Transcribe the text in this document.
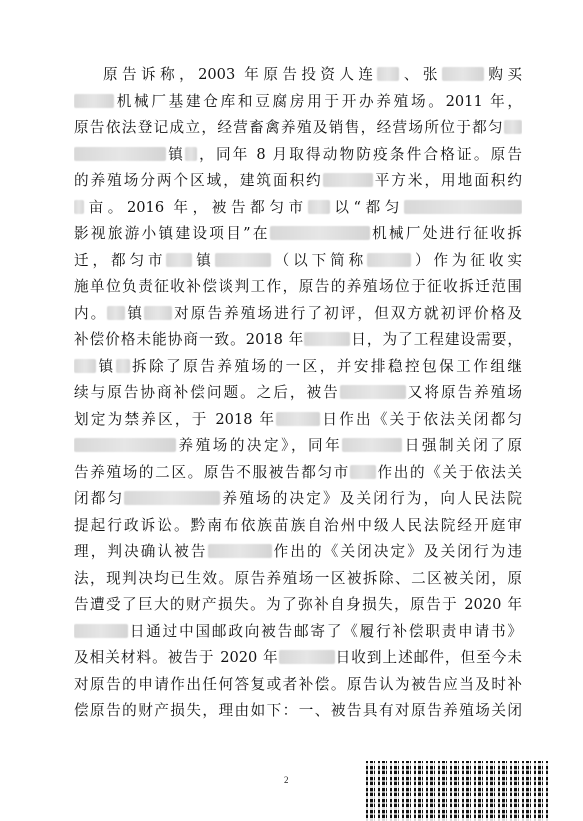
原告诉称，2003 年原告投资人连 、张	购买
机械厂基建仓库和豆腐房用于开办养殖场。2011 年，
原告依法登记成立，经营畜禽养殖及销售，经营场所位于都匀
镇 ，同年 8 月取得动物防疫条件合格证。原告
的养殖场分两个区域，建筑面积约	平方米，用地面积约
亩。2016 年，被告都匀市 以“都匀
影视旅游小镇建设项目”在	机械厂处进行征收拆
迁，都匀市 镇	（以下简称	）作为征收实
施单位负责征收补偿谈判工作，原告的养殖场位于征收拆迁范围
内。 镇 对原告养殖场进行了初评，但双方就初评价格及
补偿价格未能协商一致。2018 年	日，为了工程建设需要，
镇 拆除了原告养殖场的一区，并安排稳控包保工作组继
续与原告协商补偿问题。之后，被告	又将原告养殖场
划定为禁养区，于 2018 年	日作出《关于依法关闭都匀
养殖场的决定》，同年	日强制关闭了原
告养殖场的二区。原告不服被告都匀市 作出的《关于依法关
闭都匀	养殖场的决定》及关闭行为，向人民法院
提起行政诉讼。黔南布依族苗族自治州中级人民法院经开庭审
理，判决确认被告	作出的《关闭决定》及关闭行为违
法，现判决均已生效。原告养殖场一区被拆除、二区被关闭，原
告遭受了巨大的财产损失。为了弥补自身损失，原告于 2020 年
日通过中国邮政向被告邮寄了《履行补偿职责申请书》
及相关材料。被告于 2020 年	日收到上述邮件，但至今未
对原告的申请作出任何答复或者补偿。原告认为被告应当及时补
偿原告的财产损失，理由如下：一、被告具有对原告养殖场关闭
2
